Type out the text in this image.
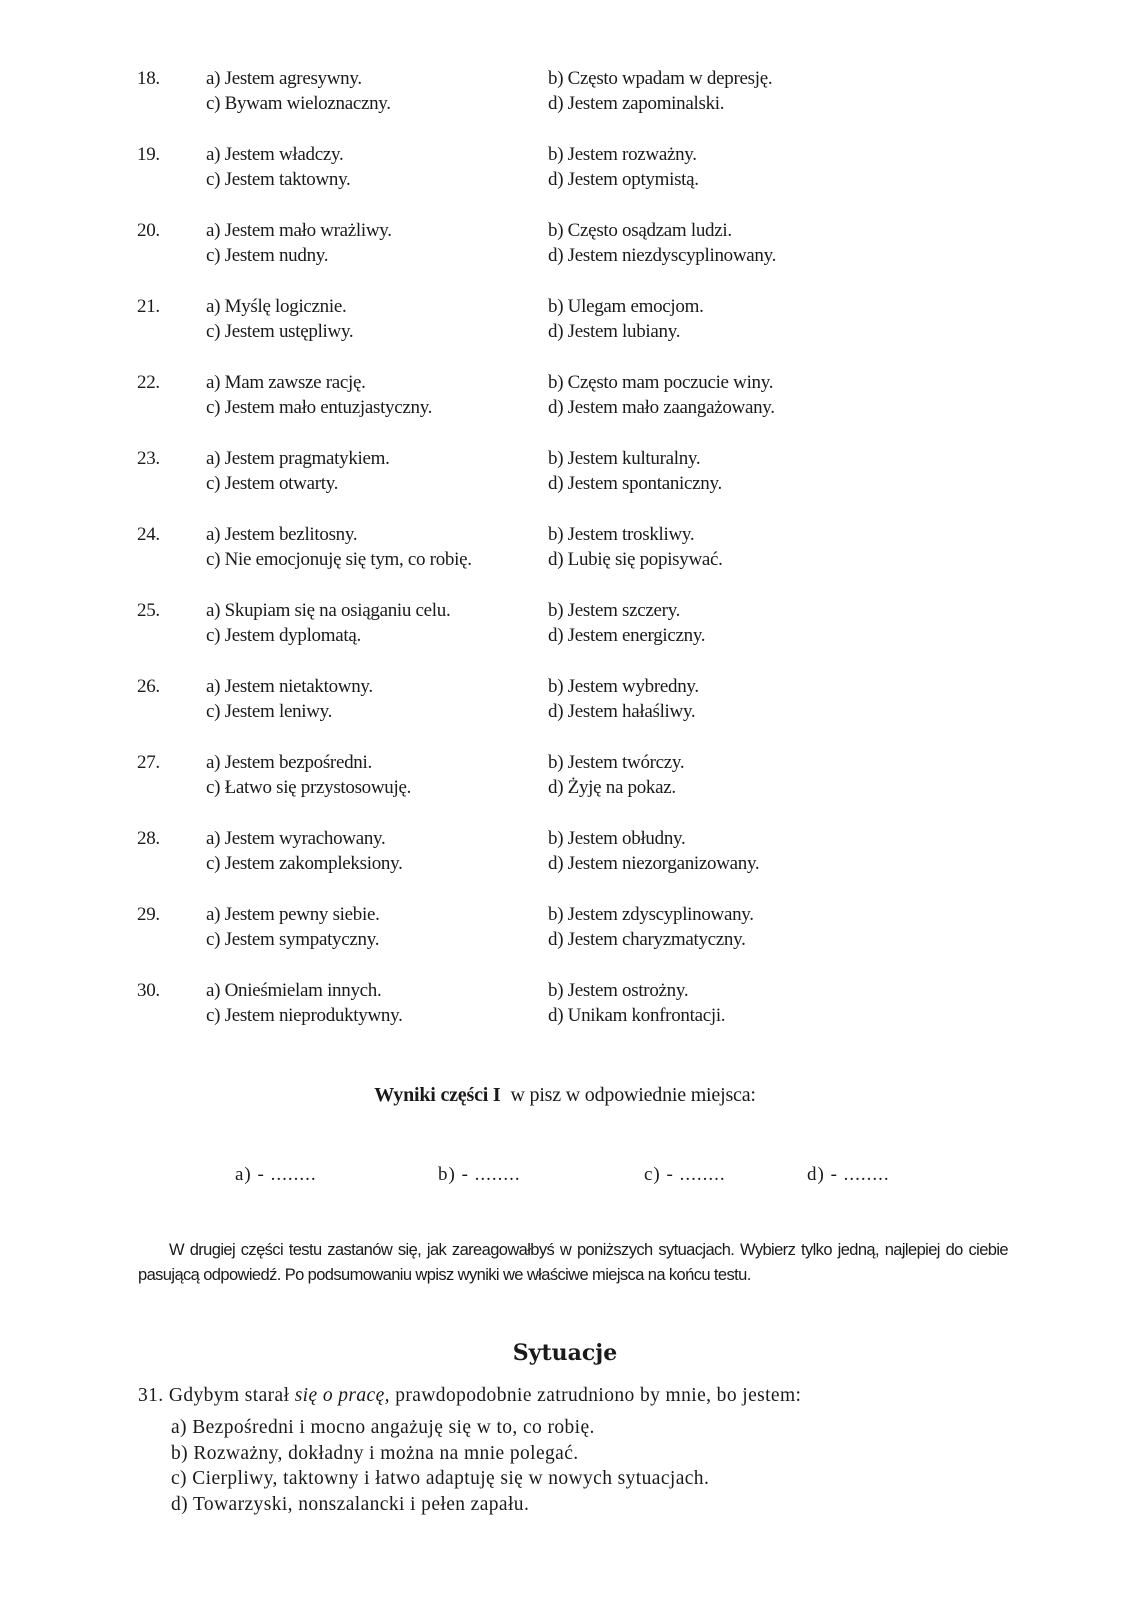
18. a) Jestem agresywny.	b) Często wpadam w depresję.
c) Bywam wieloznaczny.	d) Jestem zapominalski.
19. a) Jestem władczy.	b) Jestem rozważny.
c) Jestem taktowny.	d) Jestem optymistą.
20. a) Jestem mało wrażliwy.	b) Często osądzam ludzi.
c) Jestem nudny.	d) Jestem niezdyscyplinowany.
21. a) Myślę logicznie.	b) Ulegam emocjom.
c) Jestem ustępliwy.	d) Jestem lubiany.
22. a) Mam zawsze rację.	b) Często mam poczucie winy.
c) Jestem mało entuzjastyczny.	d) Jestem mało zaangażowany.
23. a) Jestem pragmatykiem.	b) Jestem kulturalny.
c) Jestem otwarty.	d) Jestem spontaniczny.
24. a) Jestem bezlitosny.	b) Jestem troskliwy.
c) Nie emocjonuję się tym, co robię.	d) Lubię się popisywać.
25. a) Skupiam się na osiąganiu celu.	b) Jestem szczery.
c) Jestem dyplomatą.	d) Jestem energiczny.
26. a) Jestem nietaktowny.	b) Jestem wybredny.
c) Jestem leniwy.	d) Jestem hałaśliwy.
27. a) Jestem bezpośredni.	b) Jestem twórczy.
c) Łatwo się przystosowuję.	d) Żyję na pokaz.
28. a) Jestem wyrachowany.	b) Jestem obłudny.
c) Jestem zakompleksiony.	d) Jestem niezorganizowany.
29. a) Jestem pewny siebie.	b) Jestem zdyscyplinowany.
c) Jestem sympatyczny.	d) Jestem charyzmatyczny.
30. a) Onieśmielam innych.	b) Jestem ostrożny.
c) Jestem nieproduktywny.	d) Unikam konfrontacji.
Wyniki części I w pisz w odpowiednie miejsca:
a) - ........	b) - ........	c) - ........	d) - ........
W drugiej części testu zastanów się, jak zareagowałbyś w poniższych sytuacjach. Wybierz tylko jedną, najlepiej do ciebie pasującą odpowiedź. Po podsumowaniu wpisz wyniki we właściwe miejsca na końcu testu.
Sytuacje
31. Gdybym starał się o pracę, prawdopodobnie zatrudniono by mnie, bo jestem:
a) Bezpośredni i mocno angażuję się w to, co robię.
b) Rozważny, dokładny i można na mnie polegać.
c) Cierpliwy, taktowny i łatwo adaptuję się w nowych sytuacjach.
d) Towarzyski, nonszalancki i pełen zapału.
